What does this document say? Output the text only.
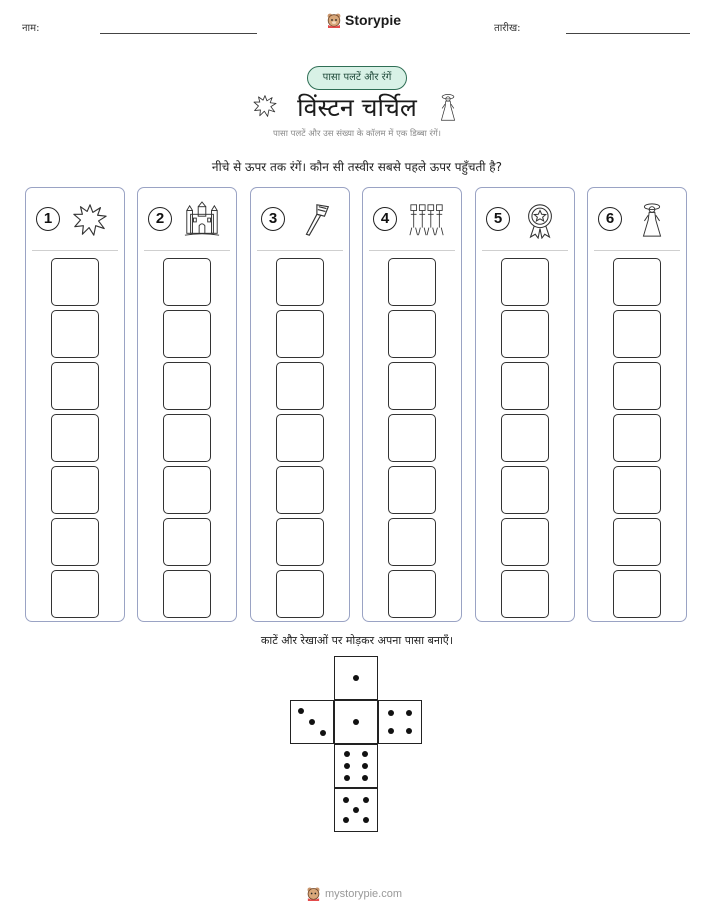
नाम:
Storypie
तारीख:
पासा पलटें और रंगें
विंस्टन चर्चिल
पासा पलटें और उस संख्या के कॉलम में एक डिब्बा रंगें।
नीचे से ऊपर तक रंगें। कौन सी तस्वीर सबसे पहले ऊपर पहुँचती है?
1	2	3	4	5	6
काटें और रेखाओं पर मोड़कर अपना पासा बनाएँ।
mystorypie.com
